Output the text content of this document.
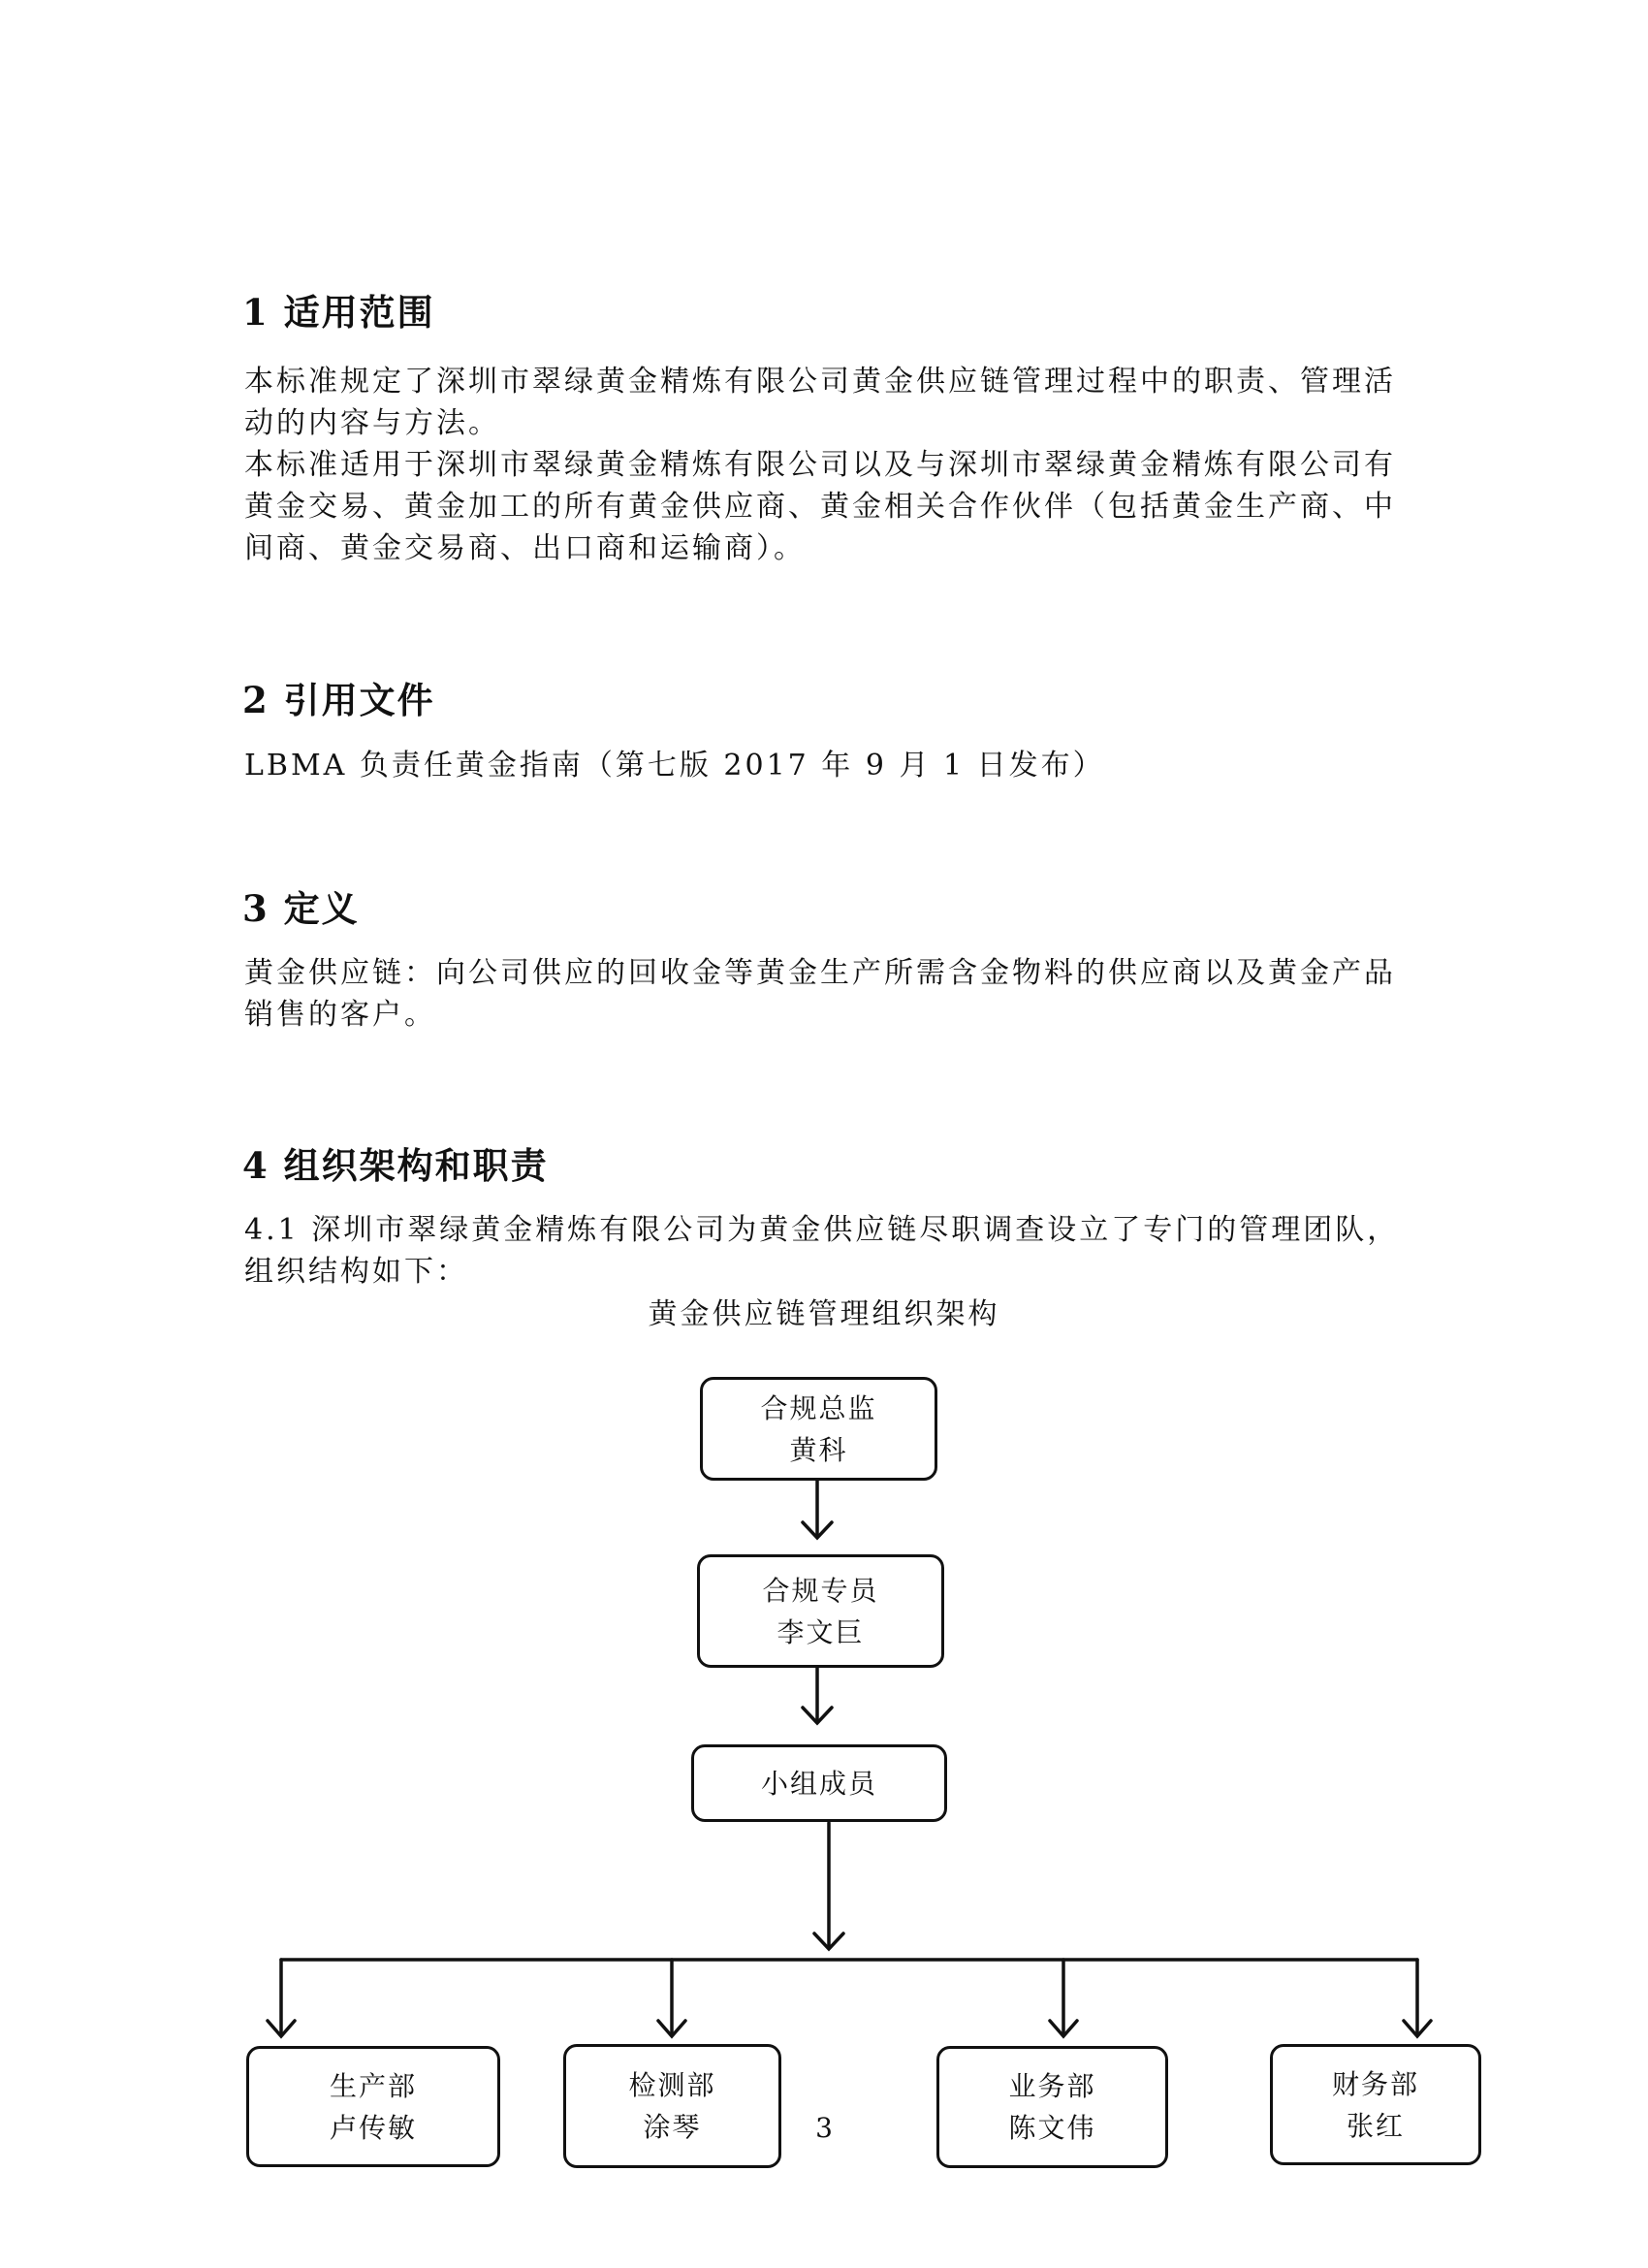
1 适用范围

本标准规定了深圳市翠绿黄金精炼有限公司黄金供应链管理过程中的职责、管理活动的内容与方法。

本标准适用于深圳市翠绿黄金精炼有限公司以及与深圳市翠绿黄金精炼有限公司有黄金交易、黄金加工的所有黄金供应商、黄金相关合作伙伴（包括黄金生产商、中间商、黄金交易商、出口商和运输商）。

2 引用文件

LBMA 负责任黄金指南（第七版 2017 年 9 月 1 日发布）

3 定义

黄金供应链：向公司供应的回收金等黄金生产所需含金物料的供应商以及黄金产品销售的客户。

4 组织架构和职责

4.1 深圳市翠绿黄金精炼有限公司为黄金供应链尽职调查设立了专门的管理团队，组织结构如下：

黄金供应链管理组织架构
合规总监
黄科
合规专员
李文巨
小组成员
生产部
卢传敏
检测部
涂琴
业务部
陈文伟
财务部
张红
3
